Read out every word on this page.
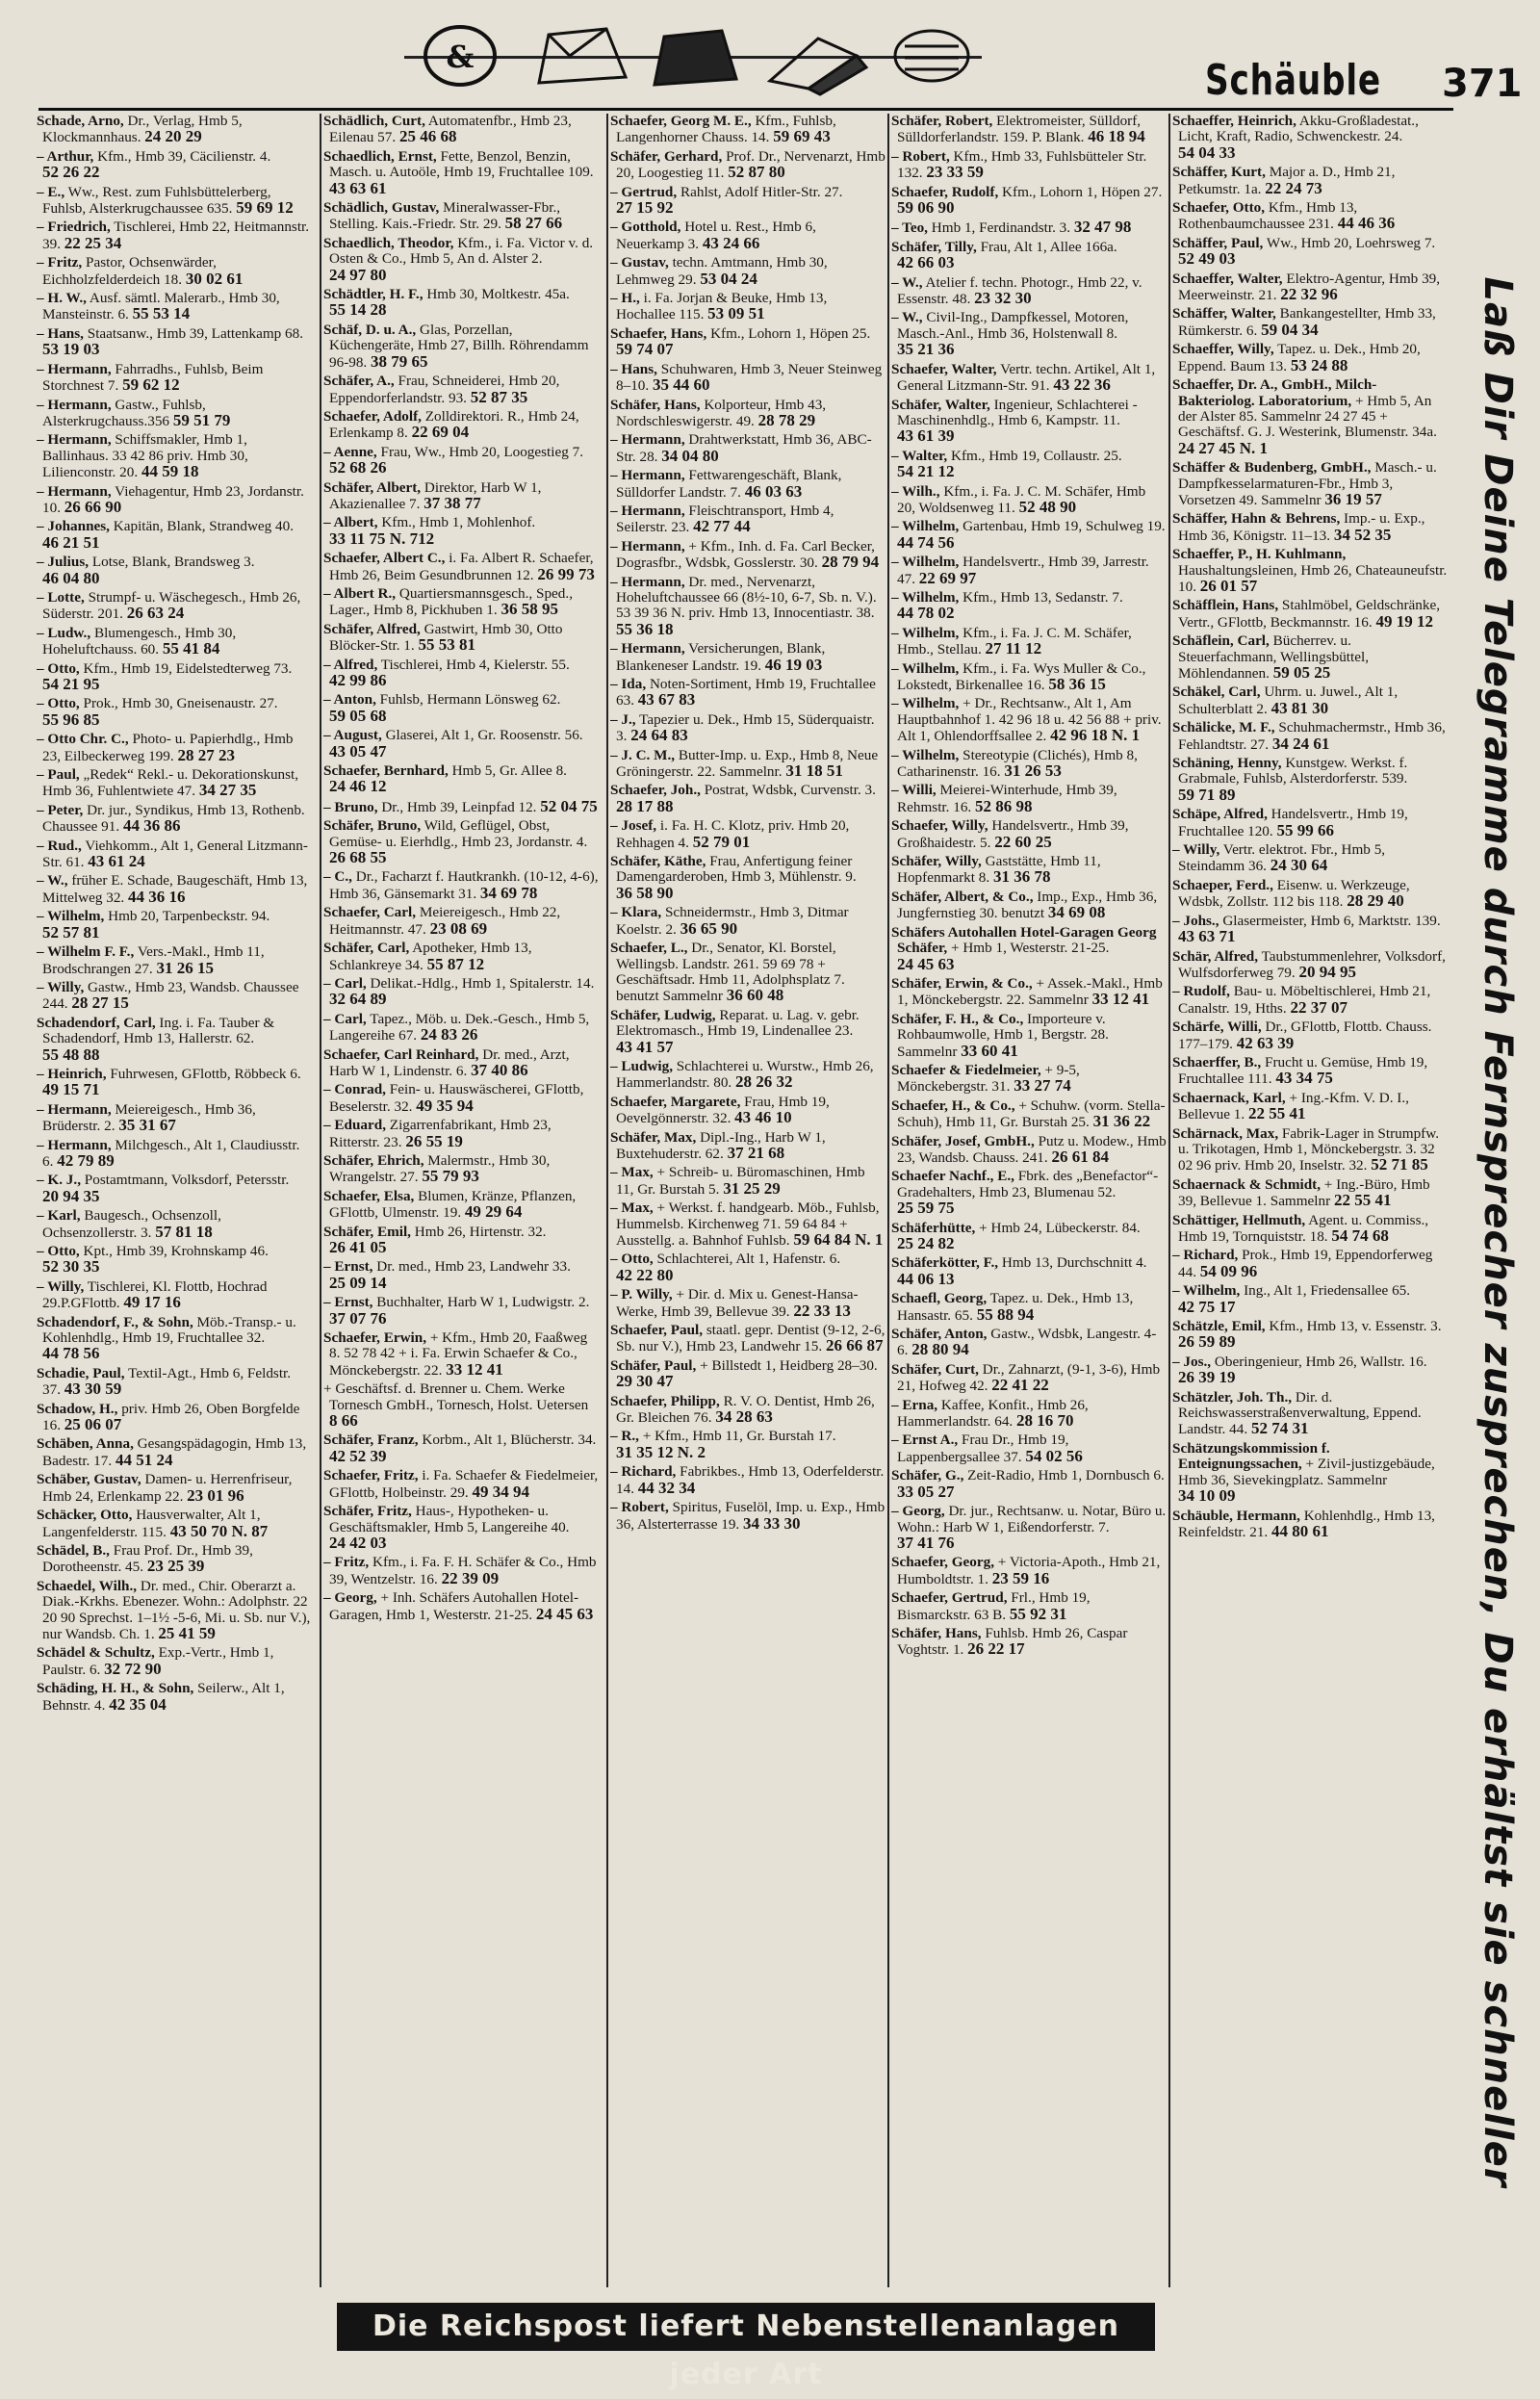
&	Schäuble 371

Schade, Arno, Dr., Verlag, Hmb 5, Klockmannhaus. 24 20 29

– Arthur, Kfm., Hmb 39, Cäcilienstr. 4. 52 26 22

– E., Ww., Rest. zum Fuhlsbüttelerberg, Fuhlsb, Alsterkrugchaussee 635. 59 69 12

– Friedrich, Tischlerei, Hmb 22, Heitmannstr. 39. 22 25 34

– Fritz, Pastor, Ochsenwärder, Eichholzfelderdeich 18. 30 02 61

– H. W., Ausf. sämtl. Malerarb., Hmb 30, Mansteinstr. 6. 55 53 14

– Hans, Staatsanw., Hmb 39, Lattenkamp 68. 53 19 03

– Hermann, Fahrradhs., Fuhlsb, Beim Storchnest 7. 59 62 12

– Hermann, Gastw., Fuhlsb, Alsterkrugchauss.356 59 51 79

– Hermann, Schiffsmakler, Hmb 1, Ballinhaus. 33 42 86 priv. Hmb 30, Lilienconstr. 20. 44 59 18

– Hermann, Viehagentur, Hmb 23, Jordanstr. 10. 26 66 90

– Johannes, Kapitän, Blank, Strandweg 40. 46 21 51

– Julius, Lotse, Blank, Brandsweg 3. 46 04 80

– Lotte, Strumpf- u. Wäschegesch., Hmb 26, Süderstr. 201. 26 63 24

– Ludw., Blumengesch., Hmb 30, Hoheluftchauss. 60. 55 41 84

– Otto, Kfm., Hmb 19, Eidelstedterweg 73. 54 21 95

– Otto, Prok., Hmb 30, Gneisenaustr. 27. 55 96 85

– Otto Chr. C., Photo- u. Papierhdlg., Hmb 23, Eilbeckerweg 199. 28 27 23

– Paul, „Redek“ Rekl.- u. Dekorationskunst, Hmb 36, Fuhlentwiete 47. 34 27 35

– Peter, Dr. jur., Syndikus, Hmb 13, Rothenb. Chaussee 91. 44 36 86

– Rud., Viehkomm., Alt 1, General Litzmann-Str. 61. 43 61 24

– W., früher E. Schade, Baugeschäft, Hmb 13, Mittelweg 32. 44 36 16

– Wilhelm, Hmb 20, Tarpenbeckstr. 94. 52 57 81

– Wilhelm F. F., Vers.-Makl., Hmb 11, Brodschrangen 27. 31 26 15

– Willy, Gastw., Hmb 23, Wandsb. Chaussee 244. 28 27 15

Schadendorf, Carl, Ing. i. Fa. Tauber & Schadendorf, Hmb 13, Hallerstr. 62. 55 48 88

– Heinrich, Fuhrwesen, GFlottb, Röbbeck 6. 49 15 71

– Hermann, Meiereigesch., Hmb 36, Brüderstr. 2. 35 31 67

– Hermann, Milchgesch., Alt 1, Claudiusstr. 6. 42 79 89

– K. J., Postamtmann, Volksdorf, Petersstr. 20 94 35

– Karl, Baugesch., Ochsenzoll, Ochsenzollerstr. 3. 57 81 18

– Otto, Kpt., Hmb 39, Krohnskamp 46. 52 30 35

– Willy, Tischlerei, Kl. Flottb, Hochrad 29.P.GFlottb. 49 17 16

Schadendorf, F., & Sohn, Möb.-Transp.- u. Kohlenhdlg., Hmb 19, Fruchtallee 32. 44 78 56

Schadie, Paul, Textil-Agt., Hmb 6, Feldstr. 37. 43 30 59

Schadow, H., priv. Hmb 26, Oben Borgfelde 16. 25 06 07

Schäben, Anna, Gesangspädagogin, Hmb 13, Badestr. 17. 44 51 24

Schäber, Gustav, Damen- u. Herrenfriseur, Hmb 24, Erlenkamp 22. 23 01 96

Schäcker, Otto, Hausverwalter, Alt 1, Langenfelderstr. 115. 43 50 70 N. 87

Schädel, B., Frau Prof. Dr., Hmb 39, Dorotheenstr. 45. 23 25 39

Schaedel, Wilh., Dr. med., Chir. Oberarzt a. Diak.-Krkhs. Ebenezer. Wohn.: Adolphstr. 22 20 90 Sprechst. 1–1½ -5-6, Mi. u. Sb. nur V.), nur Wandsb. Ch. 1. 25 41 59

Schädel & Schultz, Exp.-Vertr., Hmb 1, Paulstr. 6. 32 72 90

Schäding, H. H., & Sohn, Seilerw., Alt 1, Behnstr. 4. 42 35 04

Schädlich, Curt, Automatenfbr., Hmb 23, Eilenau 57. 25 46 68

Schaedlich, Ernst, Fette, Benzol, Benzin, Masch. u. Autoöle, Hmb 19, Fruchtallee 109. 43 63 61

Schädlich, Gustav, Mineralwasser-Fbr., Stelling. Kais.-Friedr. Str. 29. 58 27 66

Schaedlich, Theodor, Kfm., i. Fa. Victor v. d. Osten & Co., Hmb 5, An d. Alster 2. 24 97 80

Schädtler, H. F., Hmb 30, Moltkestr. 45a. 55 14 28

Schäf, D. u. A., Glas, Porzellan, Küchengeräte, Hmb 27, Billh. Röhrendamm 96-98. 38 79 65

Schäfer, A., Frau, Schneiderei, Hmb 20, Eppendorferlandstr. 93. 52 87 35

Schaefer, Adolf, Zolldirektori. R., Hmb 24, Erlenkamp 8. 22 69 04

– Aenne, Frau, Ww., Hmb 20, Loogestieg 7. 52 68 26

Schäfer, Albert, Direktor, Harb W 1, Akazienallee 7. 37 38 77

– Albert, Kfm., Hmb 1, Mohlenhof. 33 11 75 N. 712

Schaefer, Albert C., i. Fa. Albert R. Schaefer, Hmb 26, Beim Gesundbrunnen 12. 26 99 73

– Albert R., Quartiersmannsgesch., Sped., Lager., Hmb 8, Pickhuben 1. 36 58 95

Schäfer, Alfred, Gastwirt, Hmb 30, Otto Blöcker-Str. 1. 55 53 81

– Alfred, Tischlerei, Hmb 4, Kielerstr. 55. 42 99 86

– Anton, Fuhlsb, Hermann Lönsweg 62. 59 05 68

– August, Glaserei, Alt 1, Gr. Roosenstr. 56. 43 05 47

Schaefer, Bernhard, Hmb 5, Gr. Allee 8. 24 46 12

– Bruno, Dr., Hmb 39, Leinpfad 12. 52 04 75

Schäfer, Bruno, Wild, Geflügel, Obst, Gemüse- u. Eierhdlg., Hmb 23, Jordanstr. 4. 26 68 55

– C., Dr., Facharzt f. Hautkrankh. (10-12, 4-6), Hmb 36, Gänsemarkt 31. 34 69 78

Schaefer, Carl, Meiereigesch., Hmb 22, Heitmannstr. 47. 23 08 69

Schäfer, Carl, Apotheker, Hmb 13, Schlankreye 34. 55 87 12

– Carl, Delikat.-Hdlg., Hmb 1, Spitalerstr. 14. 32 64 89

– Carl, Tapez., Möb. u. Dek.-Gesch., Hmb 5, Langereihe 67. 24 83 26

Schaefer, Carl Reinhard, Dr. med., Arzt, Harb W 1, Lindenstr. 6. 37 40 86

– Conrad, Fein- u. Hauswäscherei, GFlottb, Beselerstr. 32. 49 35 94

– Eduard, Zigarrenfabrikant, Hmb 23, Ritterstr. 23. 26 55 19

Schäfer, Ehrich, Malermstr., Hmb 30, Wrangelstr. 27. 55 79 93

Schaefer, Elsa, Blumen, Kränze, Pflanzen, GFlottb, Ulmenstr. 19. 49 29 64

Schäfer, Emil, Hmb 26, Hirtenstr. 32. 26 41 05

– Ernst, Dr. med., Hmb 23, Landwehr 33. 25 09 14

– Ernst, Buchhalter, Harb W 1, Ludwigstr. 2. 37 07 76

Schaefer, Erwin, + Kfm., Hmb 20, Faaßweg 8. 52 78 42 + i. Fa. Erwin Schaefer & Co., Mönckebergstr. 22. 33 12 41

+ Geschäftsf. d. Brenner u. Chem. Werke Tornesch GmbH., Tornesch, Holst. Uetersen 8 66

Schäfer, Franz, Korbm., Alt 1, Blücherstr. 34. 42 52 39

Schaefer, Fritz, i. Fa. Schaefer & Fiedelmeier, GFlottb, Holbeinstr. 29. 49 34 94

Schäfer, Fritz, Haus-, Hypotheken- u. Geschäftsmakler, Hmb 5, Langereihe 40. 24 42 03

– Fritz, Kfm., i. Fa. F. H. Schäfer & Co., Hmb 39, Wentzelstr. 16. 22 39 09

– Georg, + Inh. Schäfers Autohallen Hotel-Garagen, Hmb 1, Westerstr. 21-25. 24 45 63

Schaefer, Georg M. E., Kfm., Fuhlsb, Langenhorner Chauss. 14. 59 69 43

Schäfer, Gerhard, Prof. Dr., Nervenarzt, Hmb 20, Loogestieg 11. 52 87 80

– Gertrud, Rahlst, Adolf Hitler-Str. 27. 27 15 92

– Gotthold, Hotel u. Rest., Hmb 6, Neuerkamp 3. 43 24 66

– Gustav, techn. Amtmann, Hmb 30, Lehmweg 29. 53 04 24

– H., i. Fa. Jorjan & Beuke, Hmb 13, Hochallee 115. 53 09 51

Schaefer, Hans, Kfm., Lohorn 1, Höpen 25. 59 74 07

– Hans, Schuhwaren, Hmb 3, Neuer Steinweg 8–10. 35 44 60

Schäfer, Hans, Kolporteur, Hmb 43, Nordschleswigerstr. 49. 28 78 29

– Hermann, Drahtwerkstatt, Hmb 36, ABC-Str. 28. 34 04 80

– Hermann, Fettwarengeschäft, Blank, Sülldorfer Landstr. 7. 46 03 63

– Hermann, Fleischtransport, Hmb 4, Seilerstr. 23. 42 77 44

– Hermann, + Kfm., Inh. d. Fa. Carl Becker, Dograsfbr., Wdsbk, Gosslerstr. 30. 28 79 94

– Hermann, Dr. med., Nervenarzt, Hoheluftchaussee 66 (8½-10, 6-7, Sb. n. V.). 53 39 36 N. priv. Hmb 13, Innocentiastr. 38. 55 36 18

– Hermann, Versicherungen, Blank, Blankeneser Landstr. 19. 46 19 03

– Ida, Noten-Sortiment, Hmb 19, Fruchtallee 63. 43 67 83

– J., Tapezier u. Dek., Hmb 15, Süderquaistr. 3. 24 64 83

– J. C. M., Butter-Imp. u. Exp., Hmb 8, Neue Gröningerstr. 22. Sammelnr. 31 18 51

Schaefer, Joh., Postrat, Wdsbk, Curvenstr. 3. 28 17 88

– Josef, i. Fa. H. C. Klotz, priv. Hmb 20, Rehhagen 4. 52 79 01

Schäfer, Käthe, Frau, Anfertigung feiner Damengarderoben, Hmb 3, Mühlenstr. 9. 36 58 90

– Klara, Schneidermstr., Hmb 3, Ditmar Koelstr. 2. 36 65 90

Schaefer, L., Dr., Senator, Kl. Borstel, Wellingsb. Landstr. 261. 59 69 78 + Geschäftsadr. Hmb 11, Adolphsplatz 7. benutzt Sammelnr 36 60 48

Schäfer, Ludwig, Reparat. u. Lag. v. gebr. Elektromasch., Hmb 19, Lindenallee 23. 43 41 57

– Ludwig, Schlachterei u. Wurstw., Hmb 26, Hammerlandstr. 80. 28 26 32

Schaefer, Margarete, Frau, Hmb 19, Oevelgönnerstr. 32. 43 46 10

Schäfer, Max, Dipl.-Ing., Harb W 1, Buxtehuderstr. 62. 37 21 68

– Max, + Schreib- u. Büromaschinen, Hmb 11, Gr. Burstah 5. 31 25 29

– Max, + Werkst. f. handgearb. Möb., Fuhlsb, Hummelsb. Kirchenweg 71. 59 64 84 + Ausstellg. a. Bahnhof Fuhlsb. 59 64 84 N. 1

– Otto, Schlachterei, Alt 1, Hafenstr. 6. 42 22 80

– P. Willy, + Dir. d. Mix u. Genest-Hansa-Werke, Hmb 39, Bellevue 39. 22 33 13

Schaefer, Paul, staatl. gepr. Dentist (9-12, 2-6, Sb. nur V.), Hmb 23, Landwehr 15. 26 66 87

Schäfer, Paul, + Billstedt 1, Heidberg 28–30. 29 30 47

Schaefer, Philipp, R. V. O. Dentist, Hmb 26, Gr. Bleichen 76. 34 28 63

– R., + Kfm., Hmb 11, Gr. Burstah 17. 31 35 12 N. 2

– Richard, Fabrikbes., Hmb 13, Oderfelderstr. 14. 44 32 34

– Robert, Spiritus, Fuselöl, Imp. u. Exp., Hmb 36, Alsterterrasse 19. 34 33 30

Schäfer, Robert, Elektromeister, Sülldorf, Sülldorferlandstr. 159. P. Blank. 46 18 94

– Robert, Kfm., Hmb 33, Fuhlsbütteler Str. 132. 23 33 59

Schaefer, Rudolf, Kfm., Lohorn 1, Höpen 27. 59 06 90

– Teo, Hmb 1, Ferdinandstr. 3. 32 47 98

Schäfer, Tilly, Frau, Alt 1, Allee 166a. 42 66 03

– W., Atelier f. techn. Photogr., Hmb 22, v. Essenstr. 48. 23 32 30

– W., Civil-Ing., Dampfkessel, Motoren, Masch.-Anl., Hmb 36, Holstenwall 8. 35 21 36

Schaefer, Walter, Vertr. techn. Artikel, Alt 1, General Litzmann-Str. 91. 43 22 36

Schäfer, Walter, Ingenieur, Schlachterei - Maschinenhdlg., Hmb 6, Kampstr. 11. 43 61 39

– Walter, Kfm., Hmb 19, Collaustr. 25. 54 21 12

– Wilh., Kfm., i. Fa. J. C. M. Schäfer, Hmb 20, Woldsenweg 11. 52 48 90

– Wilhelm, Gartenbau, Hmb 19, Schulweg 19. 44 74 56

– Wilhelm, Handelsvertr., Hmb 39, Jarrestr. 47. 22 69 97

– Wilhelm, Kfm., Hmb 13, Sedanstr. 7. 44 78 02

– Wilhelm, Kfm., i. Fa. J. C. M. Schäfer, Hmb., Stellau. 27 11 12

– Wilhelm, Kfm., i. Fa. Wys Muller & Co., Lokstedt, Birkenallee 16. 58 36 15

– Wilhelm, + Dr., Rechtsanw., Alt 1, Am Hauptbahnhof 1. 42 96 18 u. 42 56 88 + priv. Alt 1, Ohlendorffsallee 2. 42 96 18 N. 1

– Wilhelm, Stereotypie (Clichés), Hmb 8, Catharinenstr. 16. 31 26 53

– Willi, Meierei-Winterhude, Hmb 39, Rehmstr. 16. 52 86 98

Schaefer, Willy, Handelsvertr., Hmb 39, Großhaidestr. 5. 22 60 25

Schäfer, Willy, Gaststätte, Hmb 11, Hopfenmarkt 8. 31 36 78

Schäfer, Albert, & Co., Imp., Exp., Hmb 36, Jungfernstieg 30. benutzt 34 69 08

Schäfers Autohallen Hotel-Garagen Georg Schäfer, + Hmb 1, Westerstr. 21-25. 24 45 63

Schäfer, Erwin, & Co., + Assek.-Makl., Hmb 1, Mönckebergstr. 22. Sammelnr 33 12 41

Schäfer, F. H., & Co., Importeure v. Rohbaumwolle, Hmb 1, Bergstr. 28. Sammelnr 33 60 41

Schaefer & Fiedelmeier, + 9-5, Mönckebergstr. 31. 33 27 74

Schaefer, H., & Co., + Schuhw. (vorm. Stella-Schuh), Hmb 11, Gr. Burstah 25. 31 36 22

Schäfer, Josef, GmbH., Putz u. Modew., Hmb 23, Wandsb. Chauss. 241. 26 61 84

Schaefer Nachf., E., Fbrk. des „Benefactor“-Gradehalters, Hmb 23, Blumenau 52. 25 59 75

Schäferhütte, + Hmb 24, Lübeckerstr. 84. 25 24 82

Schäferkötter, F., Hmb 13, Durchschnitt 4. 44 06 13

Schaefl, Georg, Tapez. u. Dek., Hmb 13, Hansastr. 65. 55 88 94

Schäfer, Anton, Gastw., Wdsbk, Langestr. 4-6. 28 80 94

Schäfer, Curt, Dr., Zahnarzt, (9-1, 3-6), Hmb 21, Hofweg 42. 22 41 22

– Erna, Kaffee, Konfit., Hmb 26, Hammerlandstr. 64. 28 16 70

– Ernst A., Frau Dr., Hmb 19, Lappenbergsallee 37. 54 02 56

Schäfer, G., Zeit-Radio, Hmb 1, Dornbusch 6. 33 05 27

– Georg, Dr. jur., Rechtsanw. u. Notar, Büro u. Wohn.: Harb W 1, Eißendorferstr. 7. 37 41 76

Schaefer, Georg, + Victoria-Apoth., Hmb 21, Humboldtstr. 1. 23 59 16

Schaefer, Gertrud, Frl., Hmb 19, Bismarckstr. 63 B. 55 92 31

Schäfer, Hans, Fuhlsb. Hmb 26, Caspar Voghtstr. 1. 26 22 17

Schaeffer, Heinrich, Akku-Großladestat., Licht, Kraft, Radio, Schwenckestr. 24. 54 04 33

Schäffer, Kurt, Major a. D., Hmb 21, Petkumstr. 1a. 22 24 73

Schaefer, Otto, Kfm., Hmb 13, Rothenbaumchaussee 231. 44 46 36

Schäffer, Paul, Ww., Hmb 20, Loehrsweg 7. 52 49 03

Schaeffer, Walter, Elektro-Agentur, Hmb 39, Meerweinstr. 21. 22 32 96

Schäffer, Walter, Bankangestellter, Hmb 33, Rümkerstr. 6. 59 04 34

Schaeffer, Willy, Tapez. u. Dek., Hmb 20, Eppend. Baum 13. 53 24 88

Schaeffer, Dr. A., GmbH., Milch-Bakteriolog. Laboratorium, + Hmb 5, An der Alster 85. Sammelnr 24 27 45 + Geschäftsf. G. J. Westerink, Blumenstr. 34a. 24 27 45 N. 1

Schäffer & Budenberg, GmbH., Masch.- u. Dampfkesselarmaturen-Fbr., Hmb 3, Vorsetzen 49. Sammelnr 36 19 57

Schäffer, Hahn & Behrens, Imp.- u. Exp., Hmb 36, Königstr. 11–13. 34 52 35

Schaeffer, P., H. Kuhlmann, Haushaltungsleinen, Hmb 26, Chateauneufstr. 10. 26 01 57

Schäfflein, Hans, Stahlmöbel, Geldschränke, Vertr., GFlottb, Beckmannstr. 16. 49 19 12

Schäflein, Carl, Bücherrev. u. Steuerfachmann, Wellingsbüttel, Möhlendannen. 59 05 25

Schäkel, Carl, Uhrm. u. Juwel., Alt 1, Schulterblatt 2. 43 81 30

Schälicke, M. F., Schuhmachermstr., Hmb 36, Fehlandtstr. 27. 34 24 61

Schäning, Henny, Kunstgew. Werkst. f. Grabmale, Fuhlsb, Alsterdorferstr. 539. 59 71 89

Schäpe, Alfred, Handelsvertr., Hmb 19, Fruchtallee 120. 55 99 66

– Willy, Vertr. elektrot. Fbr., Hmb 5, Steindamm 36. 24 30 64

Schaeper, Ferd., Eisenw. u. Werkzeuge, Wdsbk, Zollstr. 112 bis 118. 28 29 40

– Johs., Glasermeister, Hmb 6, Marktstr. 139. 43 63 71

Schär, Alfred, Taubstummenlehrer, Volksdorf, Wulfsdorferweg 79. 20 94 95

– Rudolf, Bau- u. Möbeltischlerei, Hmb 21, Canalstr. 19, Hths. 22 37 07

Schärfe, Willi, Dr., GFlottb, Flottb. Chauss. 177–179. 42 63 39

Schaerffer, B., Frucht u. Gemüse, Hmb 19, Fruchtallee 111. 43 34 75

Schaernack, Karl, + Ing.-Kfm. V. D. I., Bellevue 1. 22 55 41

Schärnack, Max, Fabrik-Lager in Strumpfw. u. Trikotagen, Hmb 1, Mönckebergstr. 3. 32 02 96 priv. Hmb 20, Inselstr. 32. 52 71 85

Schaernack & Schmidt, + Ing.-Büro, Hmb 39, Bellevue 1. Sammelnr 22 55 41

Schättiger, Hellmuth, Agent. u. Commiss., Hmb 19, Tornquiststr. 18. 54 74 68

– Richard, Prok., Hmb 19, Eppendorferweg 44. 54 09 96

– Wilhelm, Ing., Alt 1, Friedensallee 65. 42 75 17

Schätzle, Emil, Kfm., Hmb 13, v. Essenstr. 3. 26 59 89

– Jos., Oberingenieur, Hmb 26, Wallstr. 16. 26 39 19

Schätzler, Joh. Th., Dir. d. Reichswasserstraßenverwaltung, Eppend. Landstr. 44. 52 74 31

Schätzungskommission f. Enteignungssachen, + Zivil-justizgebäude, Hmb 36, Sievekingplatz. Sammelnr 34 10 09

Schäuble, Hermann, Kohlenhdlg., Hmb 13, Reinfeldstr. 21. 44 80 61	Laß Dir Deine Telegramme durch Fernsprecher zusprechen, Du erhältst sie schneller
Die Reichspost liefert Nebenstellenanlagen jeder Art
